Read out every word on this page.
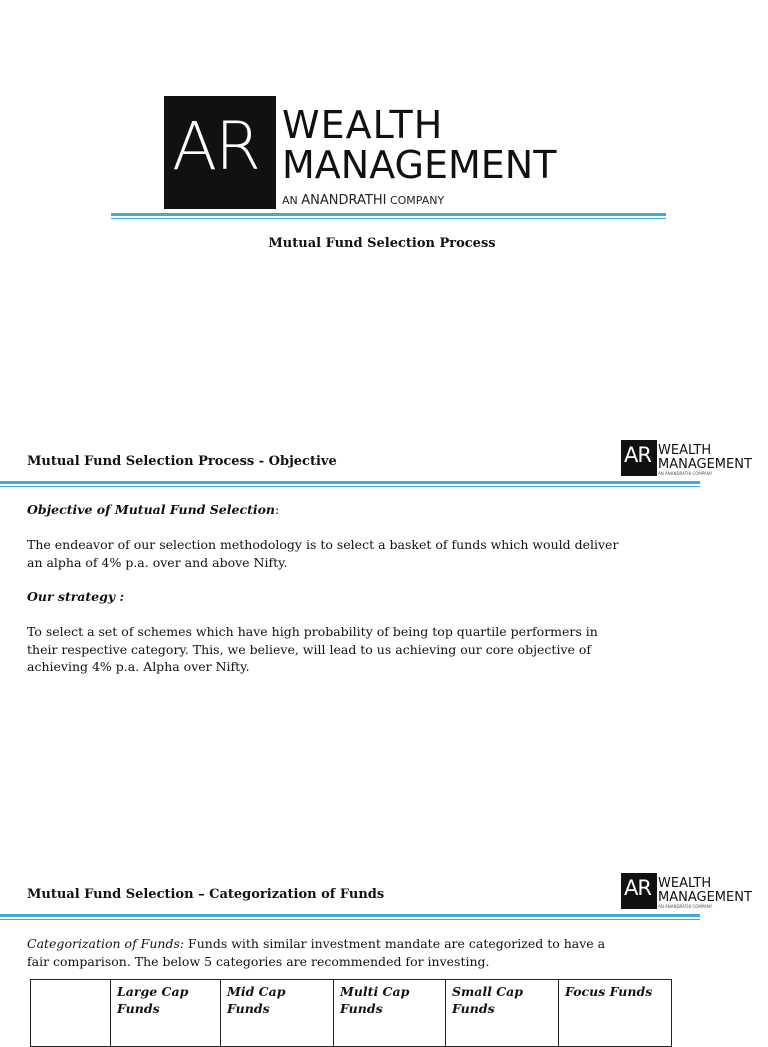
AR WEALTH
MANAGEMENT
AN ANANDRATHI COMPANY
Mutual Fund Selection Process
Mutual Fund Selection Process - Objective	AR WEALTH
MANAGEMENT
AN ANANDRATHI COMPANY
Objective of Mutual Fund Selection:
The endeavor of our selection methodology is to select a basket of funds which would deliver an alpha of 4% p.a. over and above Nifty.
Our strategy :
To select a set of schemes which have high probability of being top quartile performers in their respective category. This, we believe, will lead to us achieving our core objective of achieving 4% p.a. Alpha over Nifty.
Mutual Fund Selection – Categorization of Funds	AR WEALTH
MANAGEMENT
AN ANANDRATHI COMPANY
Categorization of Funds: Funds with similar investment mandate are categorized to have a fair comparison. The below 5 categories are recommended for investing.
	Large Cap Funds	Mid Cap Funds	Multi Cap Funds	Small Cap Funds	Focus Funds
